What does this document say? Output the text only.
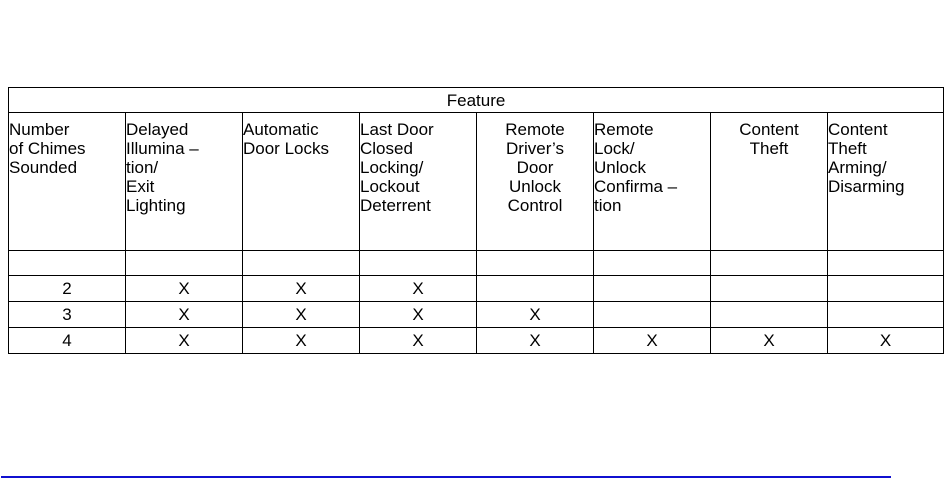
Feature							
Number
of Chimes
Sounded	Delayed
Illumina –
tion/
Exit
Lighting	Automatic
Door Locks	Last Door
Closed
Locking/
Lockout
Deterrent	Remote
Driver’s
Door
Unlock
Control	Remote
Lock/
Unlock
Confirma –
tion	Content
Theft	Content
Theft
Arming/
Disarming

2	X	X	X				
3	X	X	X	X			
4	X	X	X	X	X	X	X
